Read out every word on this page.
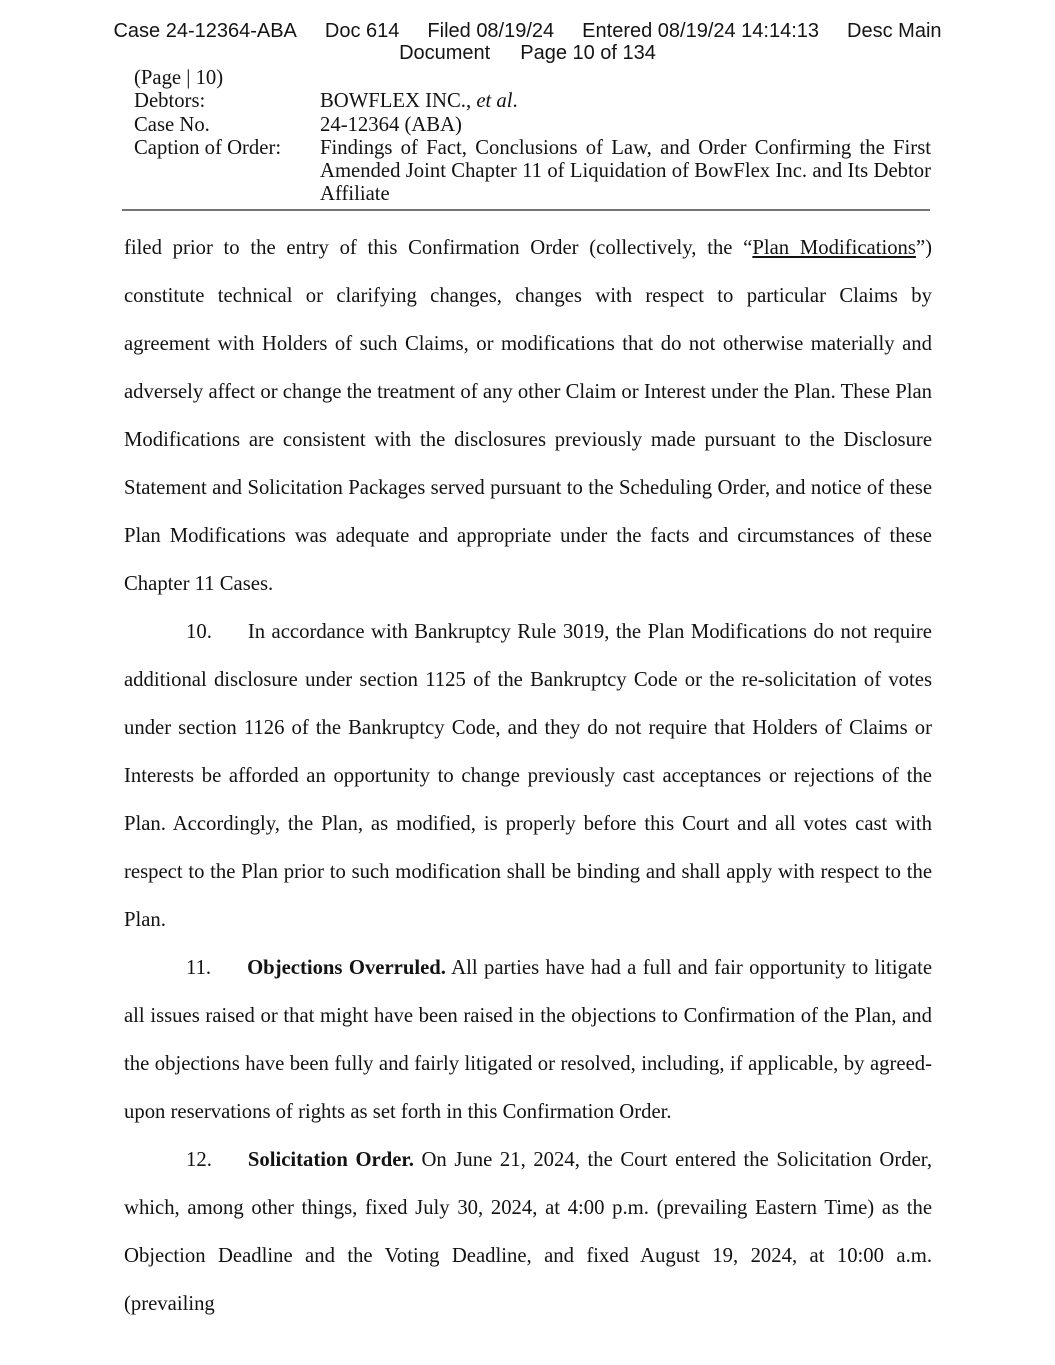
Case 24-12364-ABA Doc 614 Filed 08/19/24 Entered 08/19/24 14:14:13 Desc Main
Document Page 10 of 134
(Page | 10)
Debtors:	BOWFLEX INC., et al.
Case No.	24-12364 (ABA)
Caption of Order:	Findings of Fact, Conclusions of Law, and Order Confirming the First Amended Joint Chapter 11 of Liquidation of BowFlex Inc. and Its Debtor Affiliate

filed prior to the entry of this Confirmation Order (collectively, the “Plan Modifications”) constitute technical or clarifying changes, changes with respect to particular Claims by agreement with Holders of such Claims, or modifications that do not otherwise materially and adversely affect or change the treatment of any other Claim or Interest under the Plan. These Plan Modifications are consistent with the disclosures previously made pursuant to the Disclosure Statement and Solicitation Packages served pursuant to the Scheduling Order, and notice of these Plan Modifications was adequate and appropriate under the facts and circumstances of these Chapter 11 Cases.

10. In accordance with Bankruptcy Rule 3019, the Plan Modifications do not require additional disclosure under section 1125 of the Bankruptcy Code or the re-solicitation of votes under section 1126 of the Bankruptcy Code, and they do not require that Holders of Claims or Interests be afforded an opportunity to change previously cast acceptances or rejections of the Plan. Accordingly, the Plan, as modified, is properly before this Court and all votes cast with respect to the Plan prior to such modification shall be binding and shall apply with respect to the Plan.

11. Objections Overruled. All parties have had a full and fair opportunity to litigate all issues raised or that might have been raised in the objections to Confirmation of the Plan, and the objections have been fully and fairly litigated or resolved, including, if applicable, by agreed-upon reservations of rights as set forth in this Confirmation Order.

12. Solicitation Order. On June 21, 2024, the Court entered the Solicitation Order, which, among other things, fixed July 30, 2024, at 4:00 p.m. (prevailing Eastern Time) as the Objection Deadline and the Voting Deadline, and fixed August 19, 2024, at 10:00 a.m. (prevailing
